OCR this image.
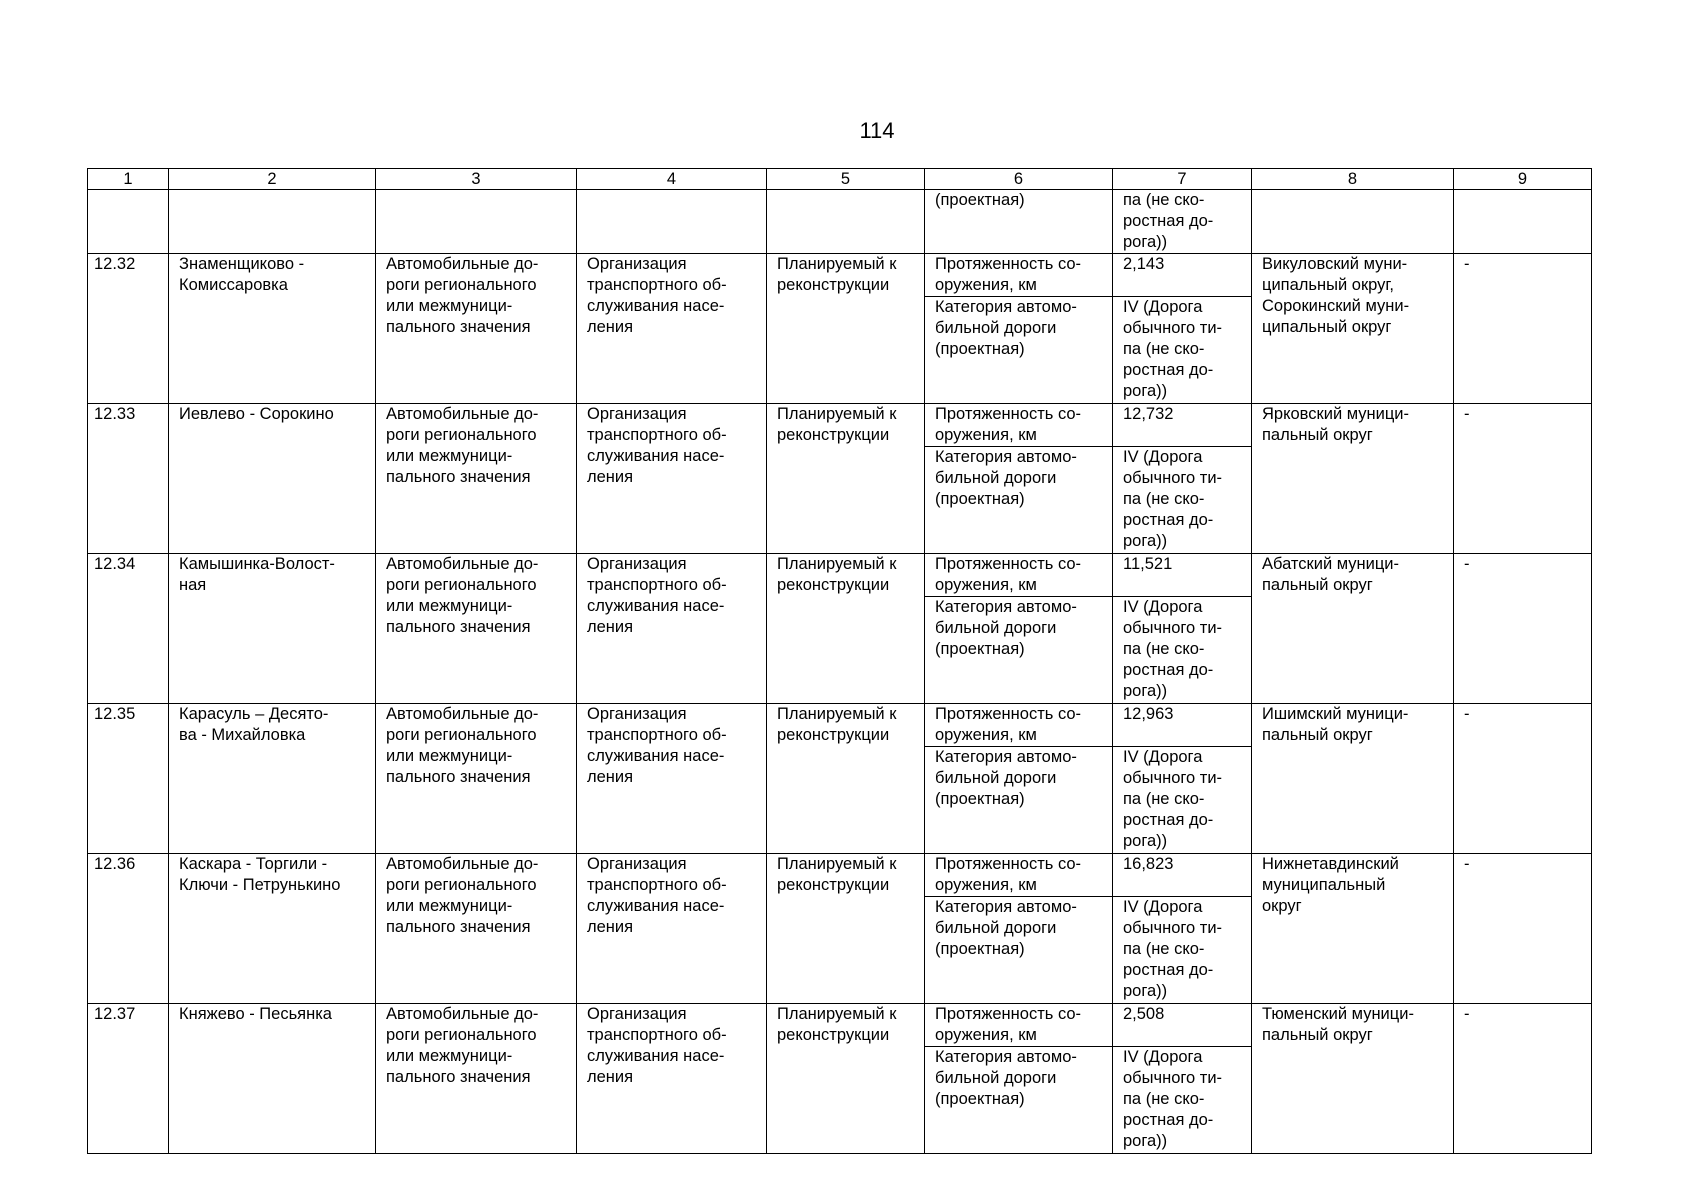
114
1	2	3	4	5	6	7	8	9
					(проектная)	па (не ско-
ростная до-
рога))		
12.32	Знаменщиково -
Комиссаровка	Автомобильные до-
роги регионального
или межмуници-
пального значения	Организация
транспортного об-
служивания насе-
ления	Планируемый к
реконструкции	Протяженность со-
оружения, км	2,143	Викуловский муни-
ципальный округ,
Сорокинский муни-
ципальный округ	-
					Категория автомо-
бильной дороги
(проектная)	IV (Дорога
обычного ти-
па (не ско-
ростная до-
рога))		
12.33	Иевлево - Сорокино	Автомобильные до-
роги регионального
или межмуници-
пального значения	Организация
транспортного об-
служивания насе-
ления	Планируемый к
реконструкции	Протяженность со-
оружения, км	12,732	Ярковский муници-
пальный округ	-
					Категория автомо-
бильной дороги
(проектная)	IV (Дорога
обычного ти-
па (не ско-
ростная до-
рога))		
12.34	Камышинка-Волост-
ная	Автомобильные до-
роги регионального
или межмуници-
пального значения	Организация
транспортного об-
служивания насе-
ления	Планируемый к
реконструкции	Протяженность со-
оружения, км	11,521	Абатский муници-
пальный округ	-
					Категория автомо-
бильной дороги
(проектная)	IV (Дорога
обычного ти-
па (не ско-
ростная до-
рога))		
12.35	Карасуль – Десято-
ва - Михайловка	Автомобильные до-
роги регионального
или межмуници-
пального значения	Организация
транспортного об-
служивания насе-
ления	Планируемый к
реконструкции	Протяженность со-
оружения, км	12,963	Ишимский муници-
пальный округ	-
					Категория автомо-
бильной дороги
(проектная)	IV (Дорога
обычного ти-
па (не ско-
ростная до-
рога))		
12.36	Каскара - Торгили -
Ключи - Петрунькино	Автомобильные до-
роги регионального
или межмуници-
пального значения	Организация
транспортного об-
служивания насе-
ления	Планируемый к
реконструкции	Протяженность со-
оружения, км	16,823	Нижнетавдинский
муниципальный
округ	-
					Категория автомо-
бильной дороги
(проектная)	IV (Дорога
обычного ти-
па (не ско-
ростная до-
рога))		
12.37	Княжево - Песьянка	Автомобильные до-
роги регионального
или межмуници-
пального значения	Организация
транспортного об-
служивания насе-
ления	Планируемый к
реконструкции	Протяженность со-
оружения, км	2,508	Тюменский муници-
пальный округ	-
					Категория автомо-
бильной дороги
(проектная)	IV (Дорога
обычного ти-
па (не ско-
ростная до-
рога))		
